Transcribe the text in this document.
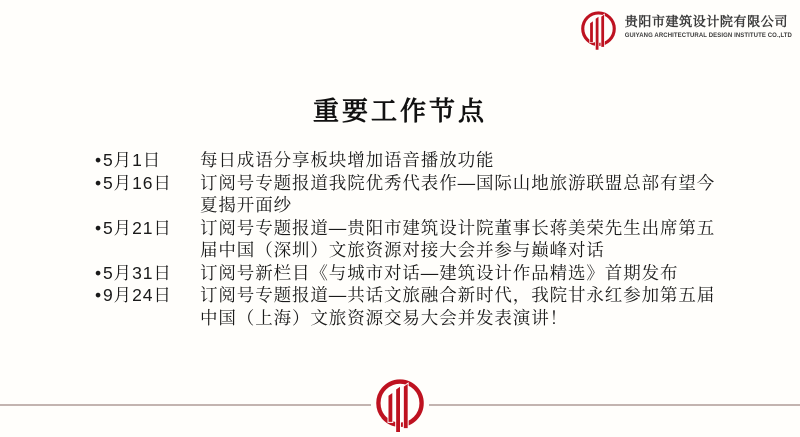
贵阳市建筑设计院有限公司
GUIYANG ARCHITECTURAL DESIGN INSTITUTE CO.,LTD
重要工作节点
•5月1日	每日成语分享板块增加语音播放功能
•5月16日	订阅号专题报道我院优秀代表作—国际山地旅游联盟总部有望今夏揭开面纱
•5月21日	订阅号专题报道—贵阳市建筑设计院董事长蒋美荣先生出席第五届中国（深圳）文旅资源对接大会并参与巅峰对话
•5月31日	订阅号新栏目《与城市对话—建筑设计作品精选》首期发布
•9月24日	订阅号专题报道—共话文旅融合新时代，我院甘永红参加第五届中国（上海）文旅资源交易大会并发表演讲！
